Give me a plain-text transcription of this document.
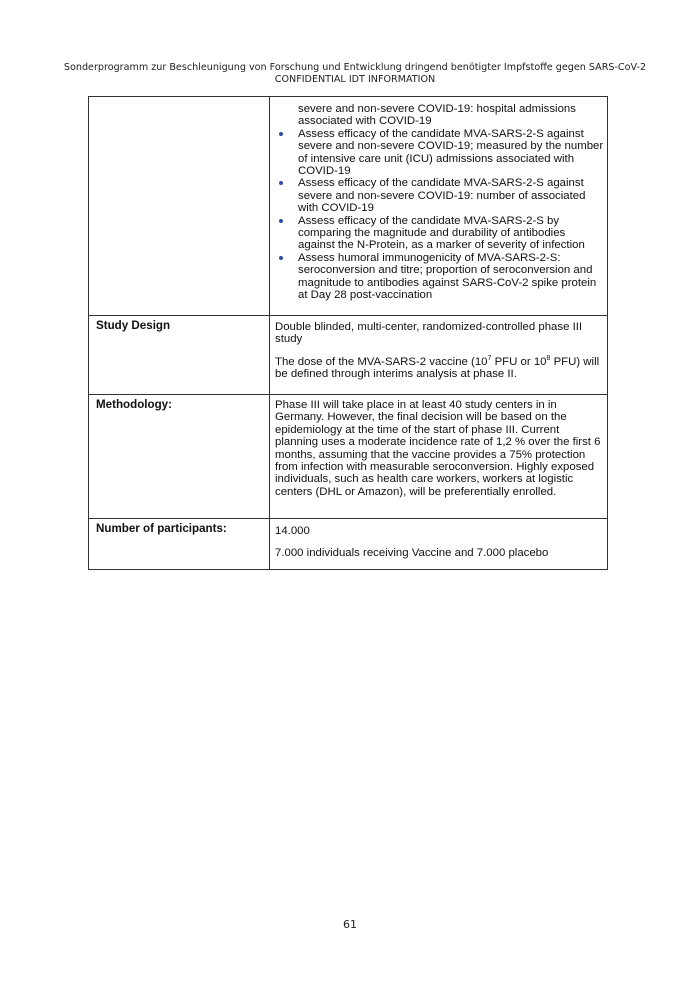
Sonderprogramm zur Beschleunigung von Forschung und Entwicklung dringend benötigter Impfstoffe gegen SARS-CoV-2
CONFIDENTIAL IDT INFORMATION
severe and non-severe COVID-19: hospital admissions associated with COVID-19
Assess efficacy of the candidate MVA-SARS-2-S against severe and non-severe COVID-19; measured by the number of intensive care unit (ICU) admissions associated with COVID-19
Assess efficacy of the candidate MVA-SARS-2-S against severe and non-severe COVID-19: number of associated with COVID-19
Assess efficacy of the candidate MVA-SARS-2-S by comparing the magnitude and durability of antibodies against the N-Protein, as a marker of severity of infection
Assess humoral immunogenicity of MVA-SARS-2-S: seroconversion and titre; proportion of seroconversion and magnitude to antibodies against SARS-CoV-2 spike protein at Day 28 post-vaccination
Study Design	Double blinded, multi-center, randomized-controlled phase III study

The dose of the MVA-SARS-2 vaccine ($10^7$ PFU or $10^8$ PFU) will be defined through interims analysis at phase II.

Methodology:	Phase III will take place in at least 40 study centers in in Germany. However, the final decision will be based on the epidemiology at the time of the start of phase III. Current planning uses a moderate incidence rate of 1,2 % over the first 6 months, assuming that the vaccine provides a 75% protection from infection with measurable seroconversion. Highly exposed individuals, such as health care workers, workers at logistic centers (DHL or Amazon), will be preferentially enrolled.

Number of participants:	14.000

7.000 individuals receiving Vaccine and 7.000 placebo

61
